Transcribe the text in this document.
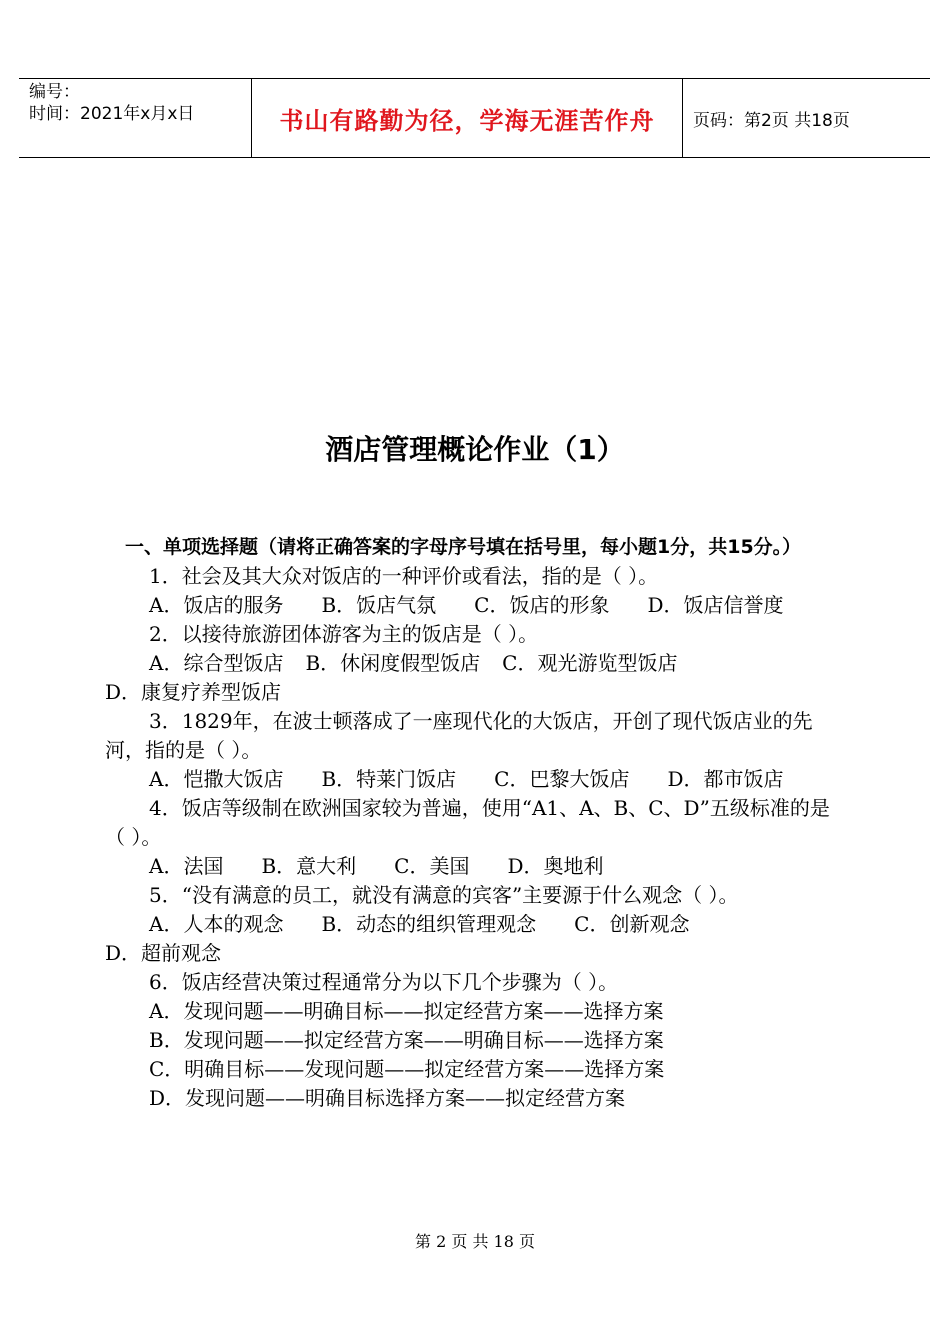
编号：
时间：2021年x月x日	书山有路勤为径，学海无涯苦作舟 页码：第2页 共18页
酒店管理概论作业（1）
一、单项选择题（请将正确答案的字母序号填在括号里，每小题1分，共15分。）
1．社会及其大众对饭店的一种评价或看法，指的是（ ）。
A．饭店的服务 B．饭店气氛 C．饭店的形象 D．饭店信誉度
2．以接待旅游团体游客为主的饭店是（ ）。
A．综合型饭店 B．休闲度假型饭店 C．观光游览型饭店D．康复疗养型饭店
3．1829年，在波士顿落成了一座现代化的大饭店，开创了现代饭店业的先河，指的是（ ）。
A．恺撒大饭店 B．特莱门饭店 C．巴黎大饭店 D．都市饭店
4．饭店等级制在欧洲国家较为普遍，使用“A1、A、B、C、D”五级标准的是（ ）。
A．法国 B．意大利 C．美国 D．奥地利
5．“没有满意的员工，就没有满意的宾客”主要源于什么观念（ ）。
A．人本的观念 B．动态的组织管理观念 C．创新观念D．超前观念
6．饭店经营决策过程通常分为以下几个步骤为（ ）。
A．发现问题——明确目标——拟定经营方案——选择方案
B．发现问题——拟定经营方案——明确目标——选择方案
C．明确目标——发现问题——拟定经营方案——选择方案
D．发现问题——明确目标选择方案——拟定经营方案
第 2 页 共 18 页
